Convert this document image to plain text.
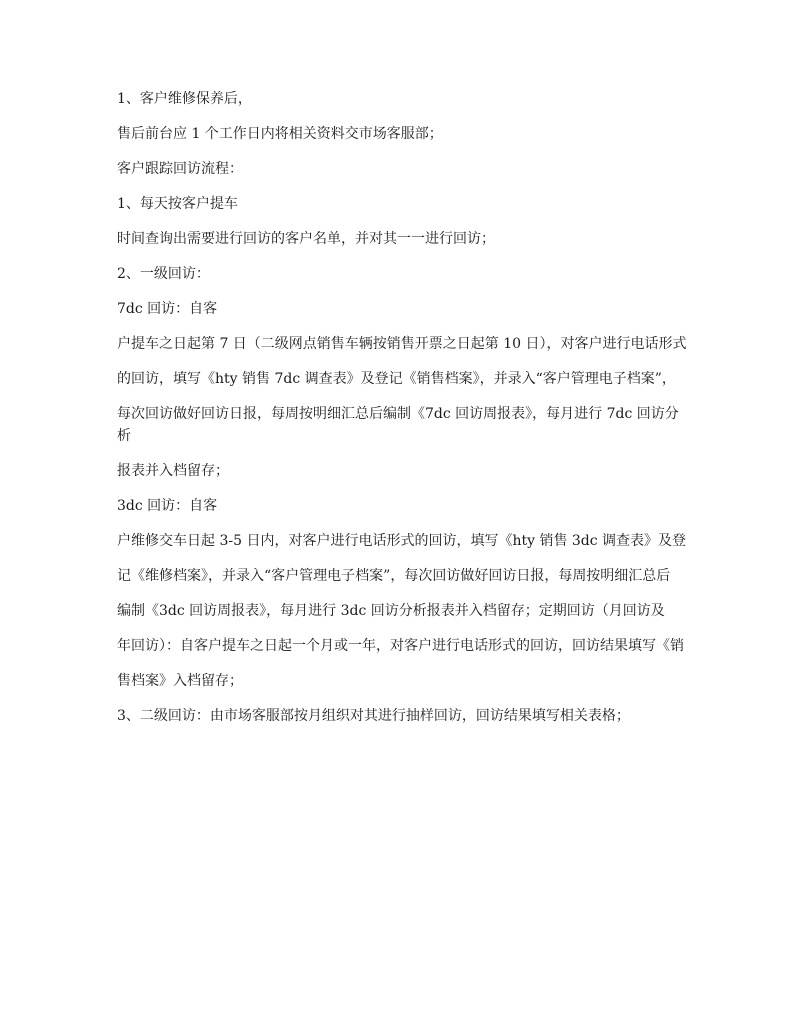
1、客户维修保养后，

售后前台应 1 个工作日内将相关资料交市场客服部；

客户跟踪回访流程：

1、每天按客户提车

时间查询出需要进行回访的客户名单，并对其一一进行回访；

2、一级回访：

7dc 回访：自客

户提车之日起第 7 日（二级网点销售车辆按销售开票之日起第 10 日），对客户进行电话形式

的回访，填写《hty 销售 7dc 调查表》及登记《销售档案》，并录入“客户管理电子档案”，

每次回访做好回访日报，每周按明细汇总后编制《7dc 回访周报表》，每月进行 7dc 回访分析

报表并入档留存；

3dc 回访：自客

户维修交车日起 3-5 日内，对客户进行电话形式的回访，填写《hty 销售 3dc 调查表》及登

记《维修档案》，并录入“客户管理电子档案”，每次回访做好回访日报，每周按明细汇总后

编制《3dc 回访周报表》，每月进行 3dc 回访分析报表并入档留存；定期回访（月回访及

年回访）：自客户提车之日起一个月或一年，对客户进行电话形式的回访，回访结果填写《销

售档案》入档留存；

3、二级回访：由市场客服部按月组织对其进行抽样回访，回访结果填写相关表格；
